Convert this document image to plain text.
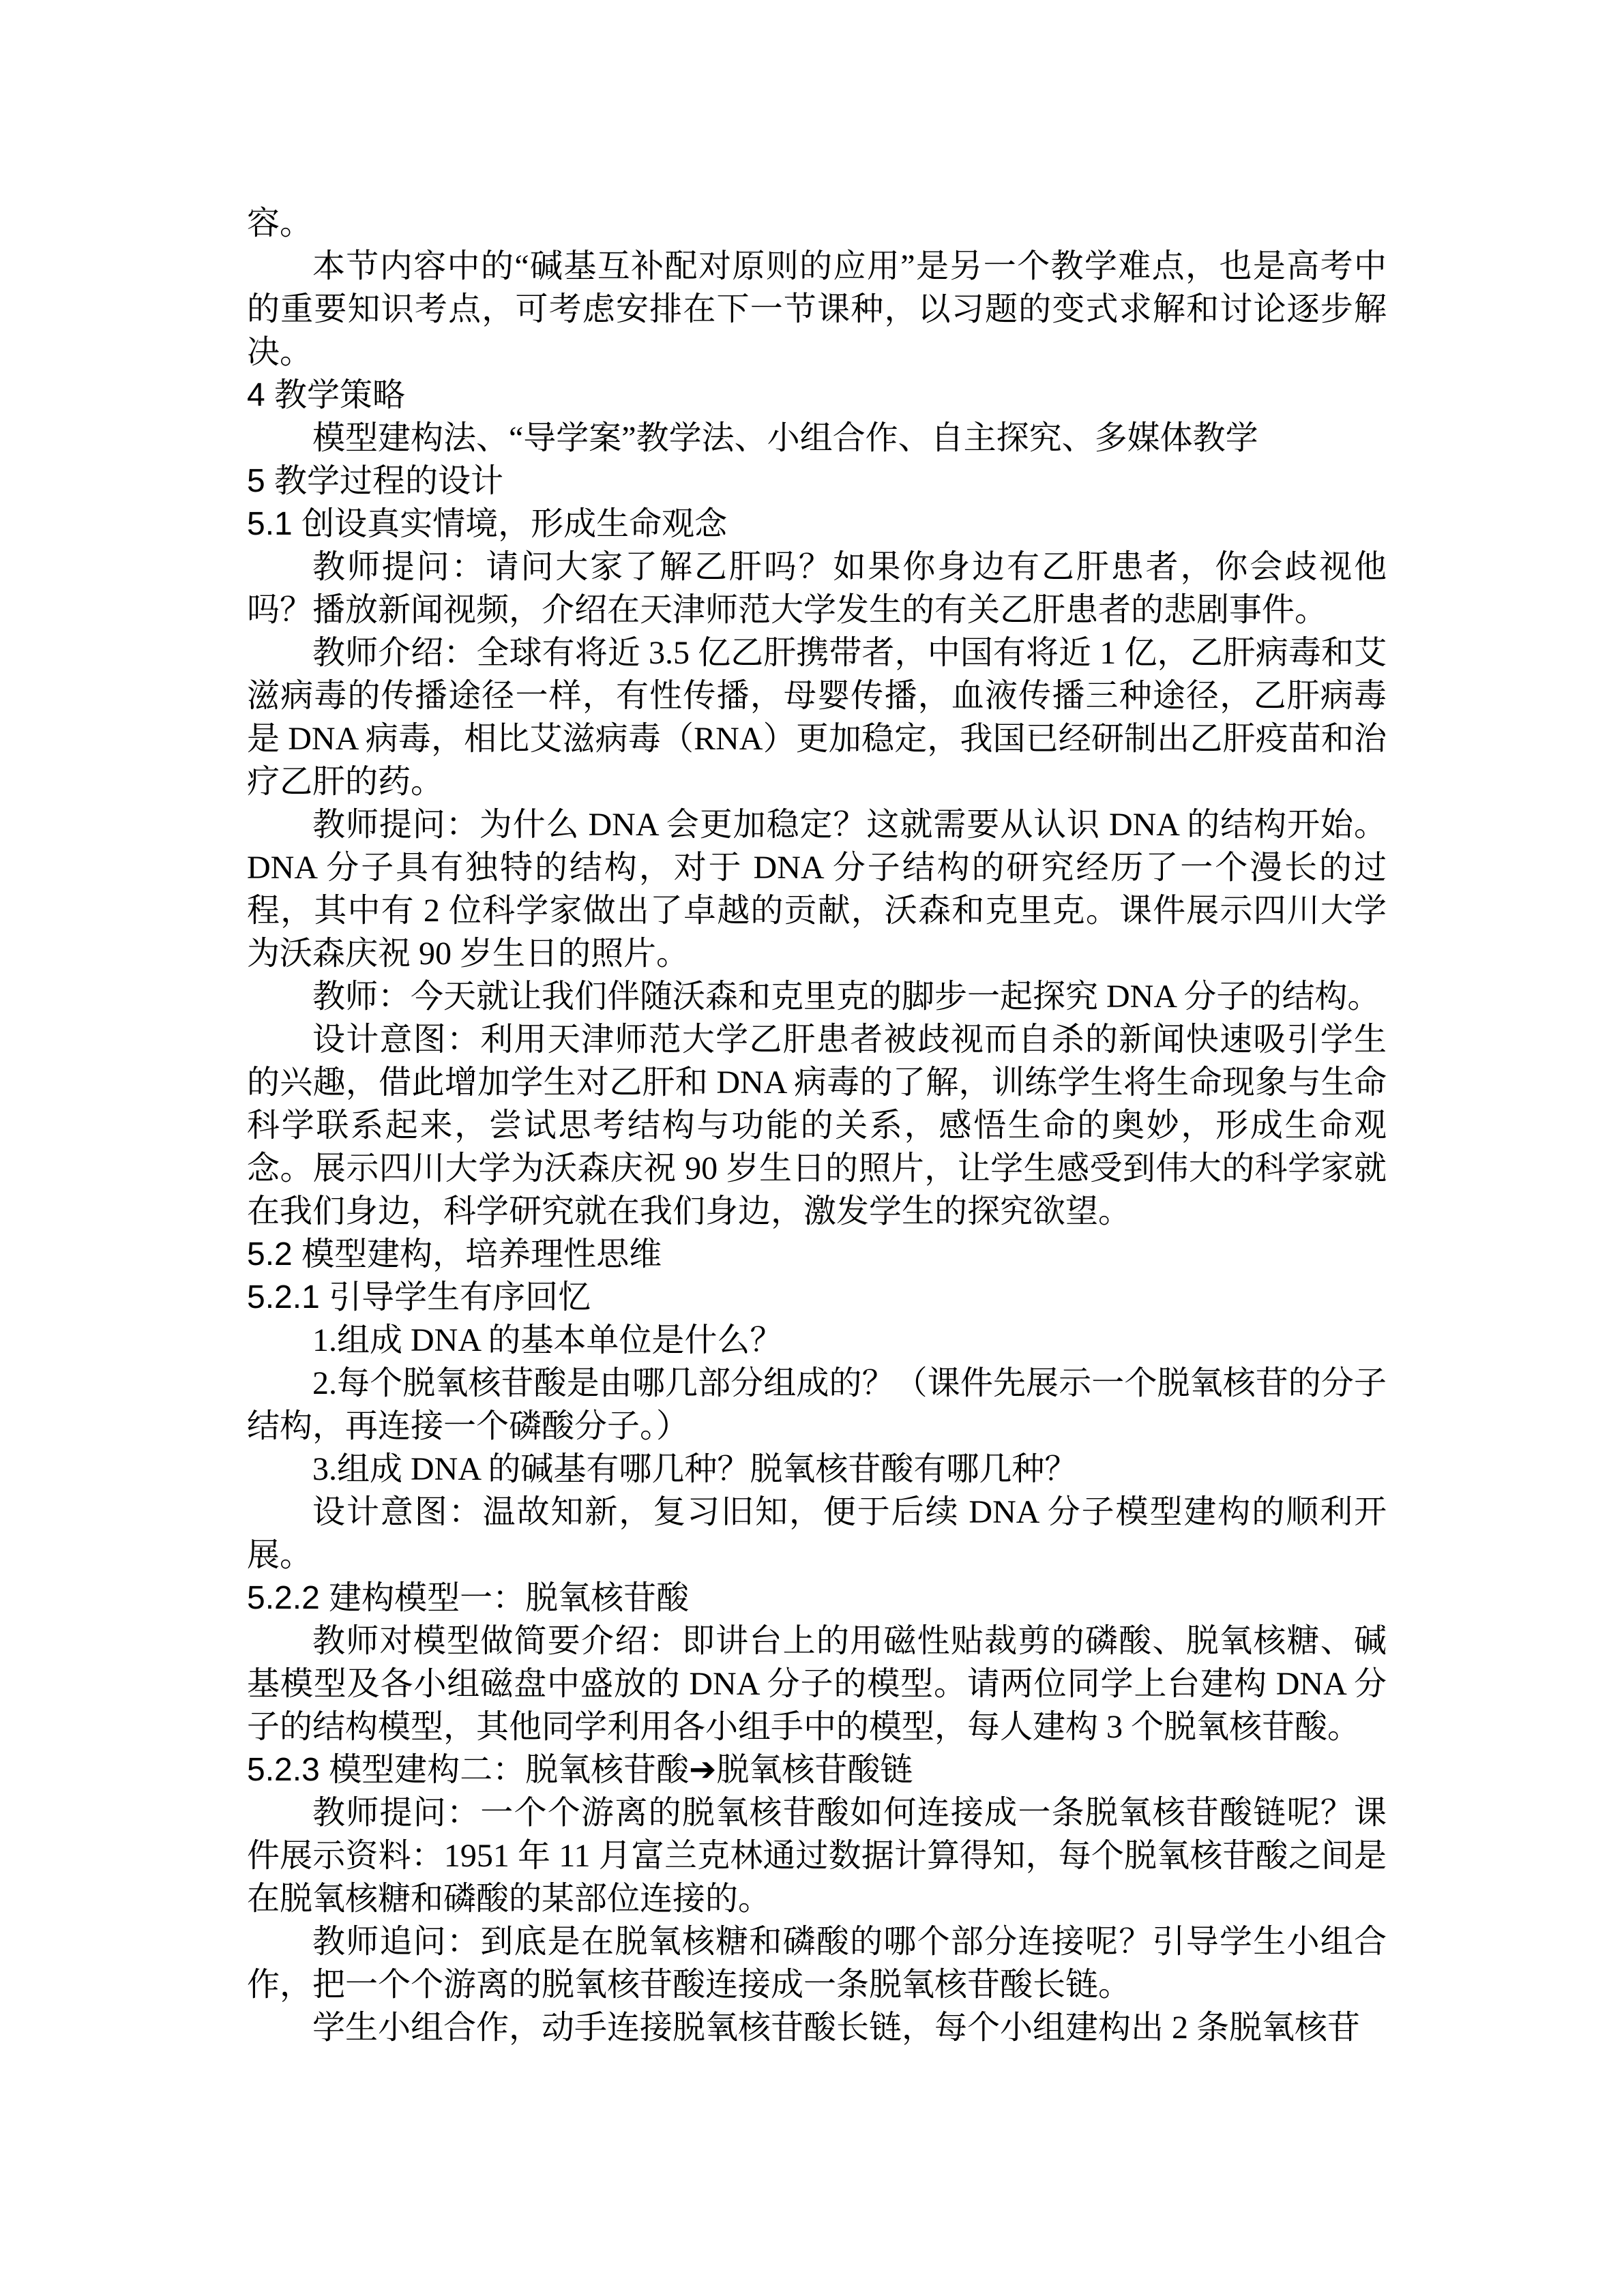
容。

本节内容中的“碱基互补配对原则的应用”是另一个教学难点，也是高考中的重要知识考点，可考虑安排在下一节课种，以习题的变式求解和讨论逐步解决。

4 教学策略

模型建构法、“导学案”教学法、小组合作、自主探究、多媒体教学

5 教学过程的设计
5.1 创设真实情境，形成生命观念

教师提问：请问大家了解乙肝吗？如果你身边有乙肝患者，你会歧视他吗？播放新闻视频，介绍在天津师范大学发生的有关乙肝患者的悲剧事件。

教师介绍：全球有将近 3.5 亿乙肝携带者，中国有将近 1 亿，乙肝病毒和艾滋病毒的传播途径一样，有性传播，母婴传播，血液传播三种途径，乙肝病毒是 DNA 病毒，相比艾滋病毒（RNA）更加稳定，我国已经研制出乙肝疫苗和治疗乙肝的药。

教师提问：为什么 DNA 会更加稳定？这就需要从认识 DNA 的结构开始。DNA 分子具有独特的结构，对于 DNA 分子结构的研究经历了一个漫长的过程，其中有 2 位科学家做出了卓越的贡献，沃森和克里克。课件展示四川大学为沃森庆祝 90 岁生日的照片。

教师：今天就让我们伴随沃森和克里克的脚步一起探究 DNA 分子的结构。

设计意图：利用天津师范大学乙肝患者被歧视而自杀的新闻快速吸引学生的兴趣，借此增加学生对乙肝和 DNA 病毒的了解，训练学生将生命现象与生命科学联系起来，尝试思考结构与功能的关系，感悟生命的奥妙，形成生命观念。展示四川大学为沃森庆祝 90 岁生日的照片，让学生感受到伟大的科学家就在我们身边，科学研究就在我们身边，激发学生的探究欲望。

5.2 模型建构，培养理性思维
5.2.1 引导学生有序回忆

1.组成 DNA 的基本单位是什么？

2.每个脱氧核苷酸是由哪几部分组成的？（课件先展示一个脱氧核苷的分子结构，再连接一个磷酸分子。）

3.组成 DNA 的碱基有哪几种？脱氧核苷酸有哪几种？

设计意图：温故知新，复习旧知，便于后续 DNA 分子模型建构的顺利开展。

5.2.2 建构模型一：脱氧核苷酸

教师对模型做简要介绍：即讲台上的用磁性贴裁剪的磷酸、脱氧核糖、碱基模型及各小组磁盘中盛放的 DNA 分子的模型。请两位同学上台建构 DNA 分子的结构模型，其他同学利用各小组手中的模型，每人建构 3 个脱氧核苷酸。

5.2.3 模型建构二：脱氧核苷酸➔脱氧核苷酸链

教师提问：一个个游离的脱氧核苷酸如何连接成一条脱氧核苷酸链呢？课件展示资料：1951 年 11 月富兰克林通过数据计算得知，每个脱氧核苷酸之间是在脱氧核糖和磷酸的某部位连接的。

教师追问：到底是在脱氧核糖和磷酸的哪个部分连接呢？引导学生小组合作，把一个个游离的脱氧核苷酸连接成一条脱氧核苷酸长链。

学生小组合作，动手连接脱氧核苷酸长链，每个小组建构出 2 条脱氧核苷
